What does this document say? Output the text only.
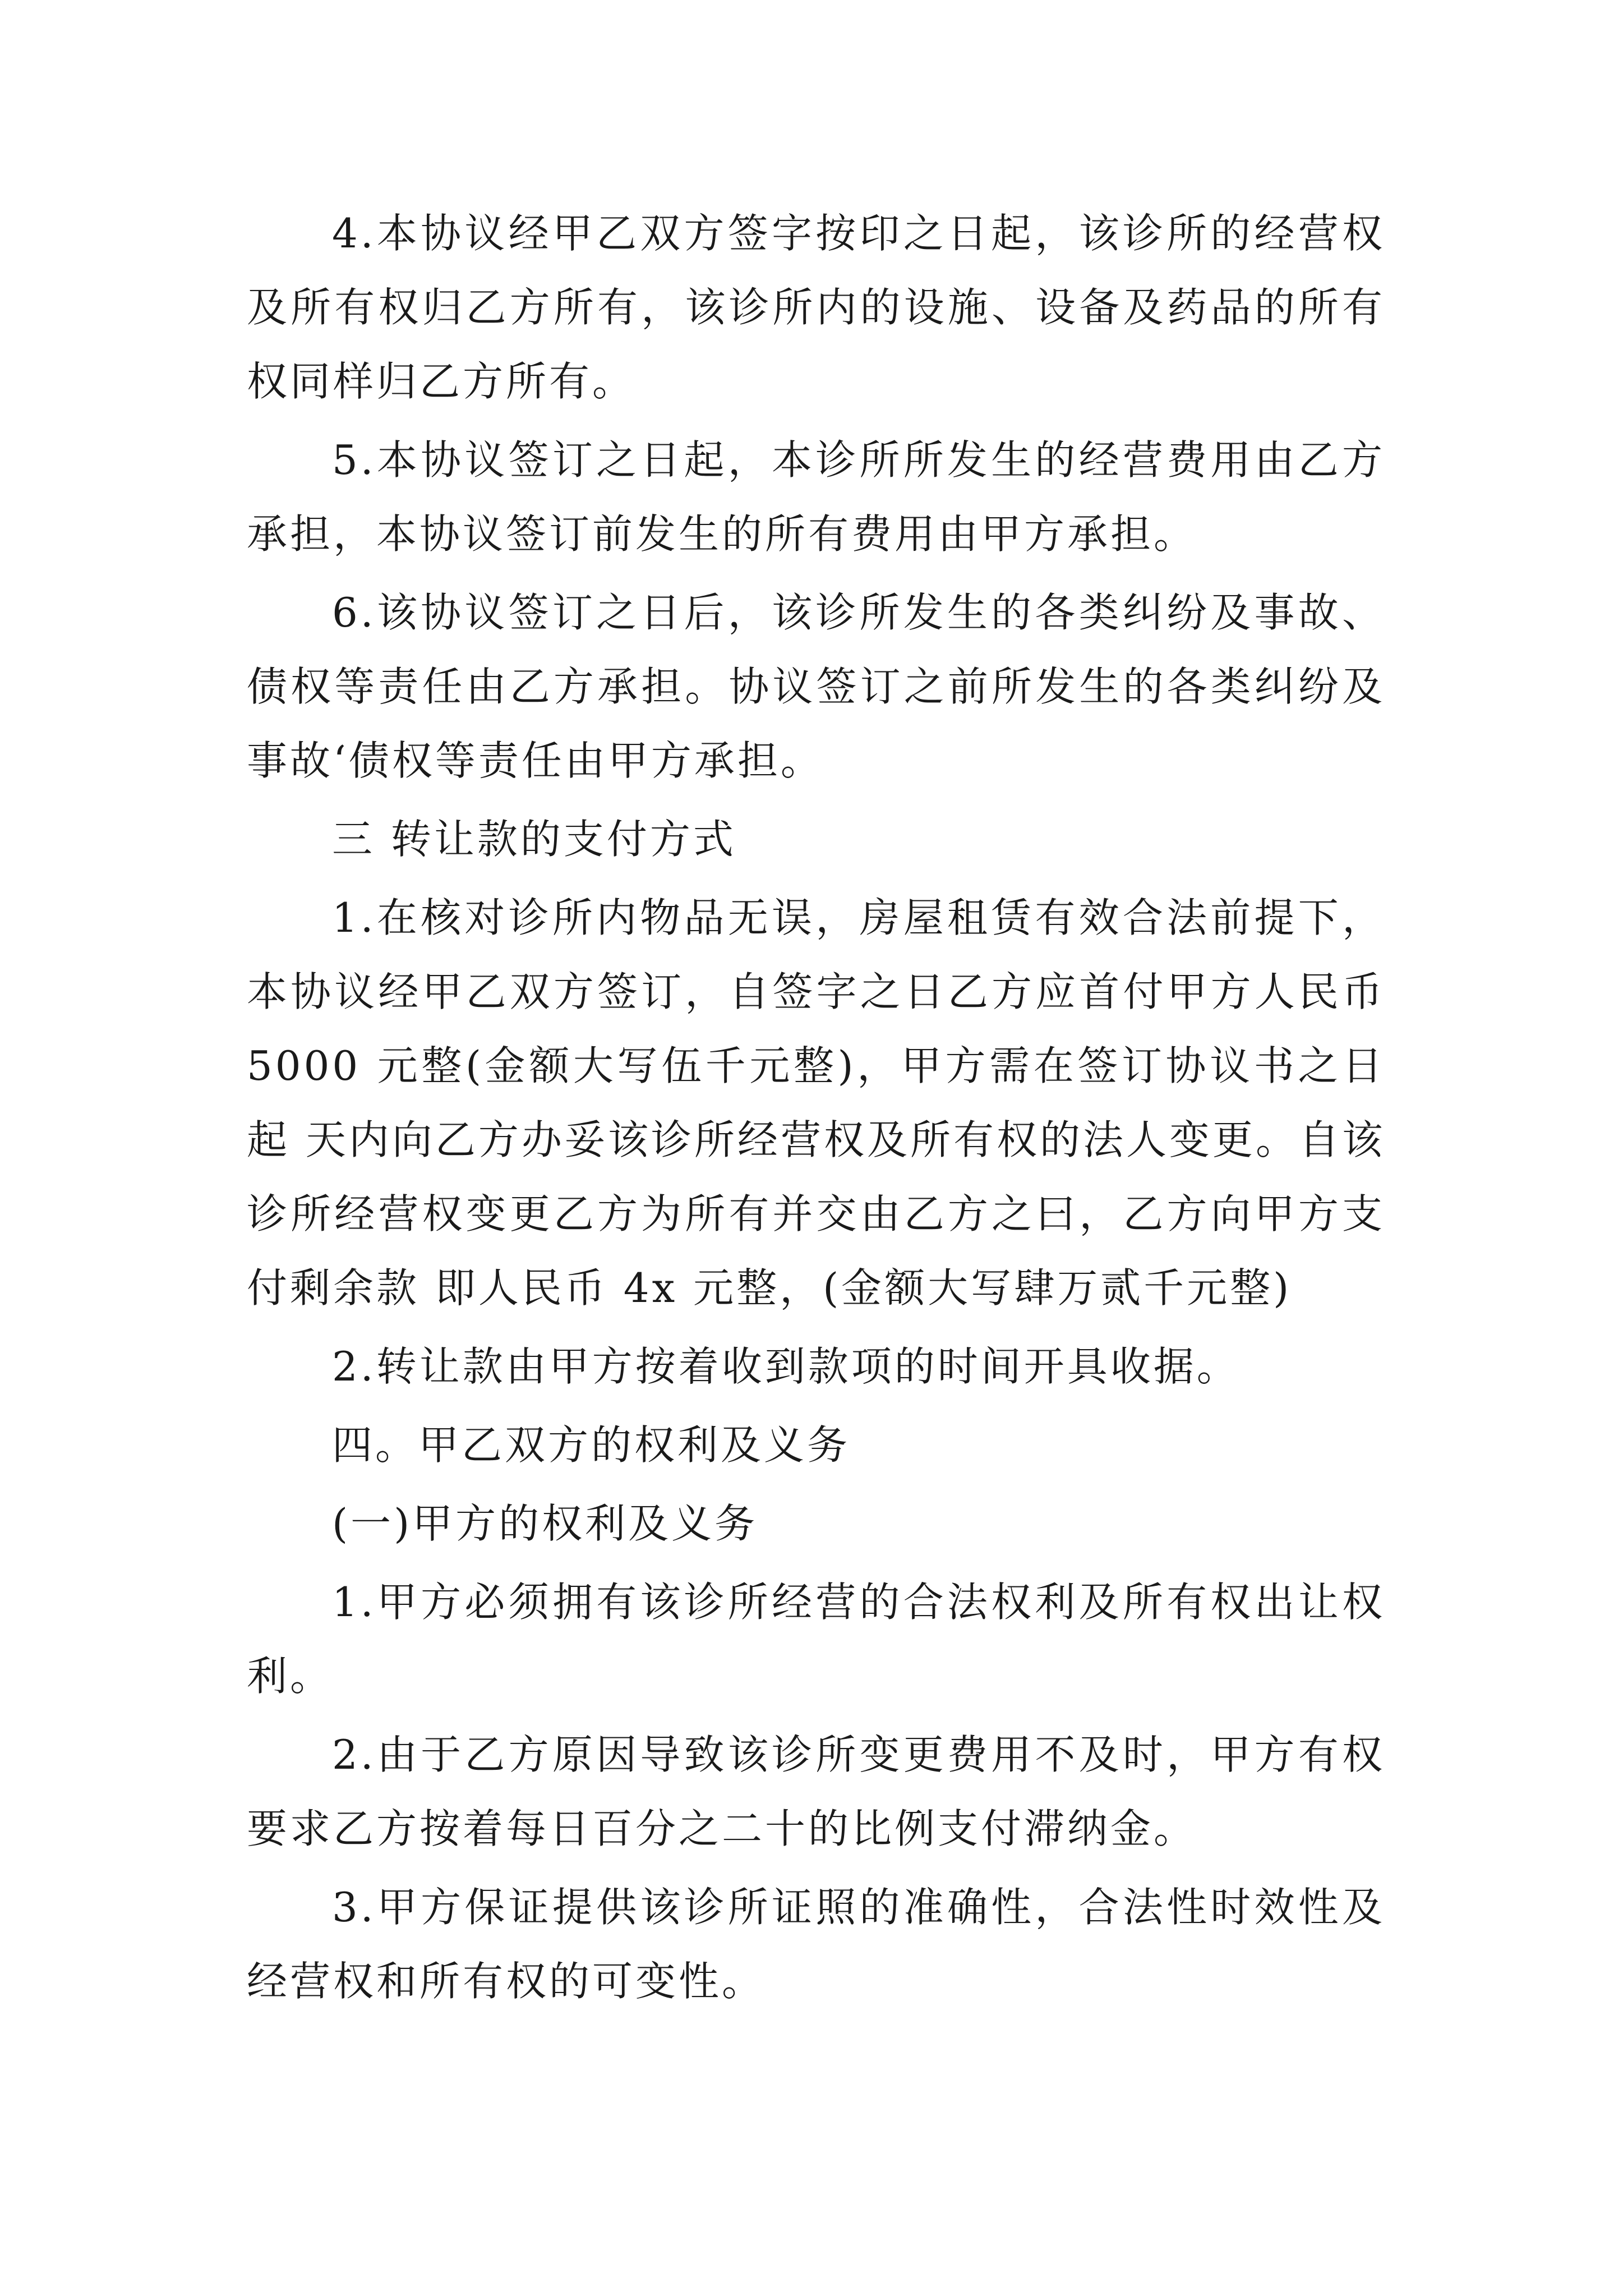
4.本协议经甲乙双方签字按印之日起，该诊所的经营权及所有权归乙方所有，该诊所内的设施、设备及药品的所有权同样归乙方所有。

5.本协议签订之日起，本诊所所发生的经营费用由乙方承担，本协议签订前发生的所有费用由甲方承担。

6.该协议签订之日后，该诊所发生的各类纠纷及事故、债权等责任由乙方承担。协议签订之前所发生的各类纠纷及事故‘债权等责任由甲方承担。

三 转让款的支付方式

1.在核对诊所内物品无误，房屋租赁有效合法前提下，本协议经甲乙双方签订，自签字之日乙方应首付甲方人民币5000 元整(金额大写伍千元整)，甲方需在签订协议书之日起 天内向乙方办妥该诊所经营权及所有权的法人变更。自该诊所经营权变更乙方为所有并交由乙方之曰，乙方向甲方支付剩余款 即人民币 4x 元整，(金额大写肆万贰千元整)

2.转让款由甲方按着收到款项的时间开具收据。

四。甲乙双方的权利及义务

(一)甲方的权利及义务

1.甲方必须拥有该诊所经营的合法权利及所有权出让权利。

2.由于乙方原因导致该诊所变更费用不及时，甲方有权要求乙方按着每日百分之二十的比例支付滞纳金。

3.甲方保证提供该诊所证照的准确性，合法性时效性及经营权和所有权的可变性。
